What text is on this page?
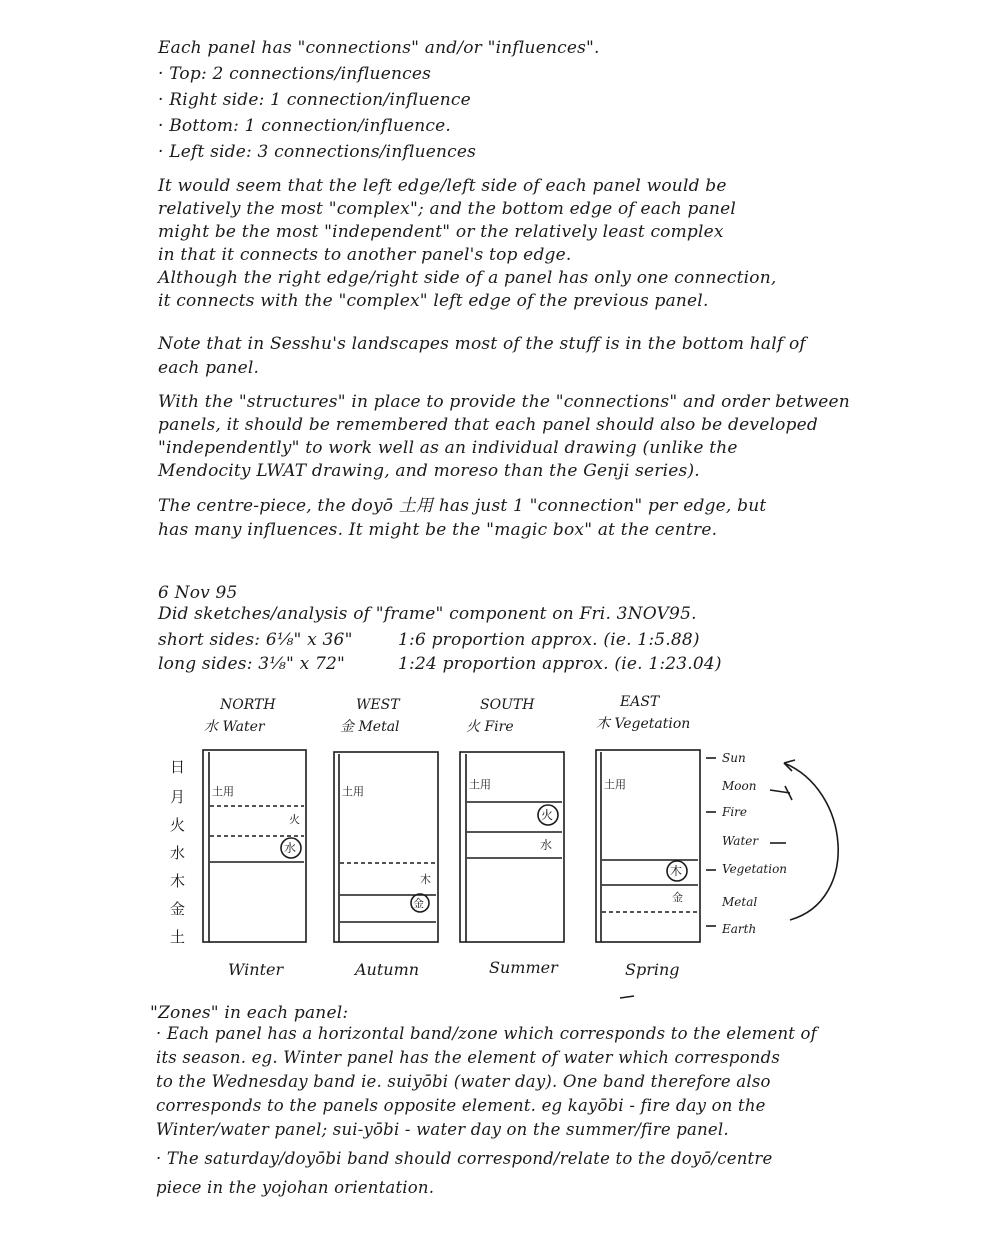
Each panel has "connections" and/or "influences".
· Top: 2 connections/influences
· Right side: 1 connection/influence
· Bottom: 1 connection/influence.
· Left side: 3 connections/influences
It would seem that the left edge/left side of each panel would be
relatively the most "complex"; and the bottom edge of each panel
might be the most "independent" or the relatively least complex
in that it connects to another panel's top edge.
Although the right edge/right side of a panel has only one connection,
it connects with the "complex" left edge of the previous panel.
Note that in Sesshu's landscapes most of the stuff is in the bottom half of
each panel.
With the "structures" in place to provide the "connections" and order between
panels, it should be remembered that each panel should also be developed
"independently" to work well as an individual drawing (unlike the
Mendocity LWAT drawing, and moreso than the Genji series).
The centre-piece, the doyō 土用 has just 1 "connection" per edge, but
has many influences. It might be the "magic box" at the centre.
6 Nov 95
Did sketches/analysis of "frame" component on Fri. 3NOV95.
short sides: 6⅛" x 36"	1:6 proportion approx. (ie. 1:5.88)
long sides: 3⅛" x 72"	1:24 proportion approx. (ie. 1:23.04)
NORTH
水 Water
WEST
金 Metal
SOUTH
火 Fire
EAST
木 Vegetation
日
月
火
水
木
金
土
Sun
Moon
Fire
Water
Vegetation
Metal
Earth
土用	土用
土用	土用
水
金
火
木
火
木
水
金
Winter	Autumn	Summer	Spring
"Zones" in each panel:
· Each panel has a horizontal band/zone which corresponds to the element of
its season. eg. Winter panel has the element of water which corresponds
to the Wednesday band ie. suiyōbi (water day). One band therefore also
corresponds to the panels opposite element. eg kayōbi - fire day on the
Winter/water panel; sui-yōbi - water day on the summer/fire panel.
· The saturday/doyōbi band should correspond/relate to the doyō/centre
piece in the yojohan orientation.
